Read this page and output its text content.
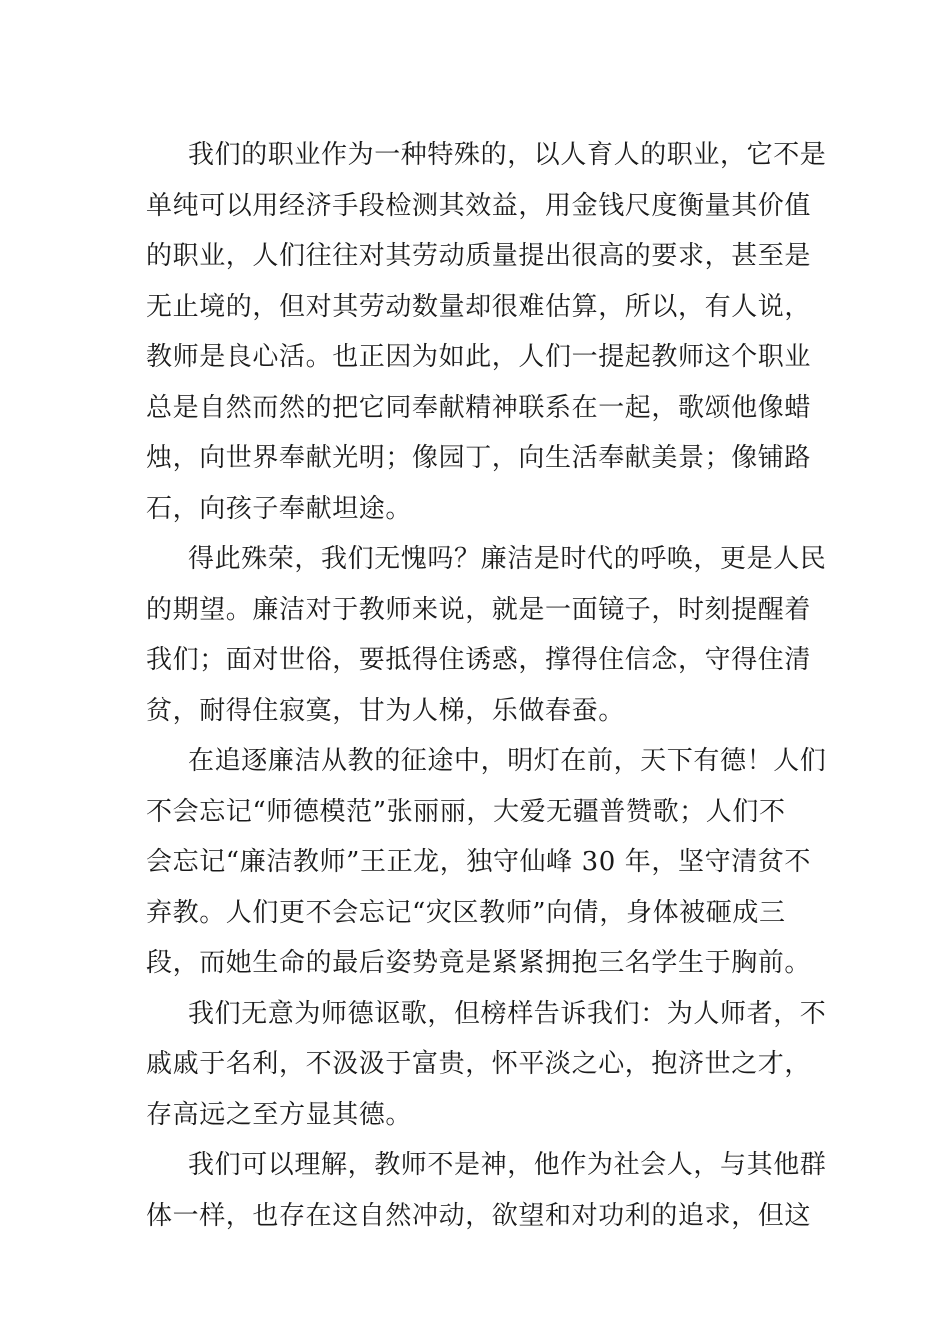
我们的职业作为一种特殊的，以人育人的职业，它不是
单纯可以用经济手段检测其效益，用金钱尺度衡量其价值
的职业，人们往往对其劳动质量提出很高的要求，甚至是
无止境的，但对其劳动数量却很难估算，所以，有人说，
教师是良心活。也正因为如此，人们一提起教师这个职业
总是自然而然的把它同奉献精神联系在一起，歌颂他像蜡
烛，向世界奉献光明；像园丁，向生活奉献美景；像铺路
石，向孩子奉献坦途。
得此殊荣，我们无愧吗？廉洁是时代的呼唤，更是人民
的期望。廉洁对于教师来说，就是一面镜子，时刻提醒着
我们；面对世俗，要抵得住诱惑，撑得住信念，守得住清
贫，耐得住寂寞，甘为人梯，乐做春蚕。
在追逐廉洁从教的征途中，明灯在前，天下有德！人们
不会忘记“师德模范”张丽丽，大爱无疆普赞歌；人们不
会忘记“廉洁教师”王正龙，独守仙峰 30 年，坚守清贫不
弃教。人们更不会忘记“灾区教师”向倩，身体被砸成三
段，而她生命的最后姿势竟是紧紧拥抱三名学生于胸前。
我们无意为师德讴歌，但榜样告诉我们：为人师者，不
戚戚于名利，不汲汲于富贵，怀平淡之心，抱济世之才，
存高远之至方显其德。
我们可以理解，教师不是神，他作为社会人，与其他群
体一样，也存在这自然冲动，欲望和对功利的追求，但这
